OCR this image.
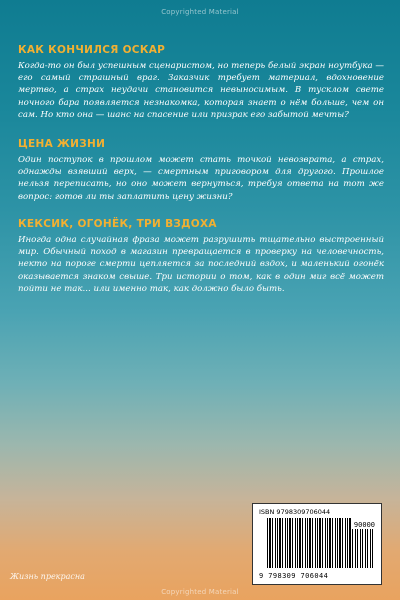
Copyrighted Material
КАК КОНЧИЛСЯ ОСКАР
Когда-то он был успешным сценаристом, но теперь белый экран ноутбука — его самый страшный враг. Заказчик требует материал, вдохновение мертво, а страх неудачи становится невыносимым. В тусклом свете ночного бара появляется незнакомка, которая знает о нём больше, чем он сам. Но кто она — шанс на спасение или призрак его забытой мечты?
ЦЕНА ЖИЗНИ
Один поступок в прошлом может стать точкой невозврата, а страх, однажды взявший верх, — смертным приговором для другого. Прошлое нельзя переписать, но оно может вернуться, требуя ответа на тот же вопрос: готов ли ты заплатить цену жизни?
КЕКСИК, ОГОНЁК, ТРИ ВЗДОХА
Иногда одна случайная фраза может разрушить тщательно выстроенный мир. Обычный поход в магазин превращается в проверку на человечность, некто на пороге смерти цепляется за последний вздох, и маленький огонёк оказывается знаком свыше. Три истории о том, как в один миг всё может пойти не так... или именно так, как должно было быть.
ISBN 9798309706044
90000
9 798309 706044
Жизнь прекрасна
Copyrighted Material
